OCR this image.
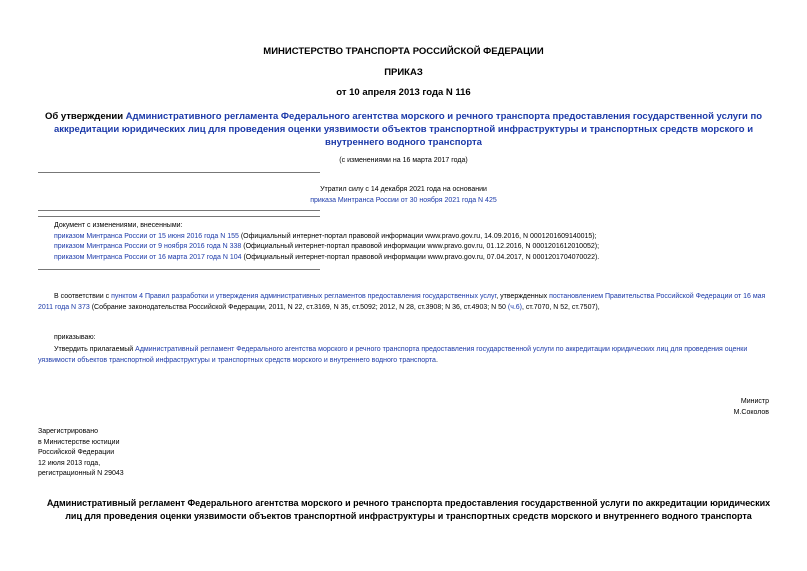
МИНИСТЕРСТВО ТРАНСПОРТА РОССИЙСКОЙ ФЕДЕРАЦИИ
ПРИКАЗ
от 10 апреля 2013 года N 116
Об утверждении Административного регламента Федерального агентства морского и речного транспорта предоставления государственной услуги по аккредитации юридических лиц для проведения оценки уязвимости объектов транспортной инфраструктуры и транспортных средств морского и внутреннего водного транспорта
(с изменениями на 16 марта 2017 года)
Утратил силу с 14 декабря 2021 года на основании
приказа Минтранса России от 30 ноября 2021 года N 425
Документ с изменениями, внесенными:
приказом Минтранса России от 15 июня 2016 года N 155 (Официальный интернет-портал правовой информации www.pravo.gov.ru, 14.09.2016, N 0001201609140015);
приказом Минтранса России от 9 ноября 2016 года N 338 (Официальный интернет-портал правовой информации www.pravo.gov.ru, 01.12.2016, N 0001201612010052);
приказом Минтранса России от 16 марта 2017 года N 104 (Официальный интернет-портал правовой информации www.pravo.gov.ru, 07.04.2017, N 0001201704070022).
В соответствии с пунктом 4 Правил разработки и утверждения административных регламентов предоставления государственных услуг, утвержденных постановлением Правительства Российской Федерации от 16 мая 2011 года N 373 (Собрание законодательства Российской Федерации, 2011, N 22, ст.3169, N 35, ст.5092; 2012, N 28, ст.3908; N 36, ст.4903; N 50 (ч.6), ст.7070, N 52, ст.7507),
приказываю:
Утвердить прилагаемый Административный регламент Федерального агентства морского и речного транспорта предоставления государственной услуги по аккредитации юридических лиц для проведения оценки уязвимости объектов транспортной инфраструктуры и транспортных средств морского и внутреннего водного транспорта.
Министр
М.Соколов
Зарегистрировано
в Министерстве юстиции
Российской Федерации
12 июля 2013 года,
регистрационный N 29043
Административный регламент Федерального агентства морского и речного транспорта предоставления государственной услуги по аккредитации юридических лиц для проведения оценки уязвимости объектов транспортной инфраструктуры и транспортных средств морского и внутреннего водного транспорта
